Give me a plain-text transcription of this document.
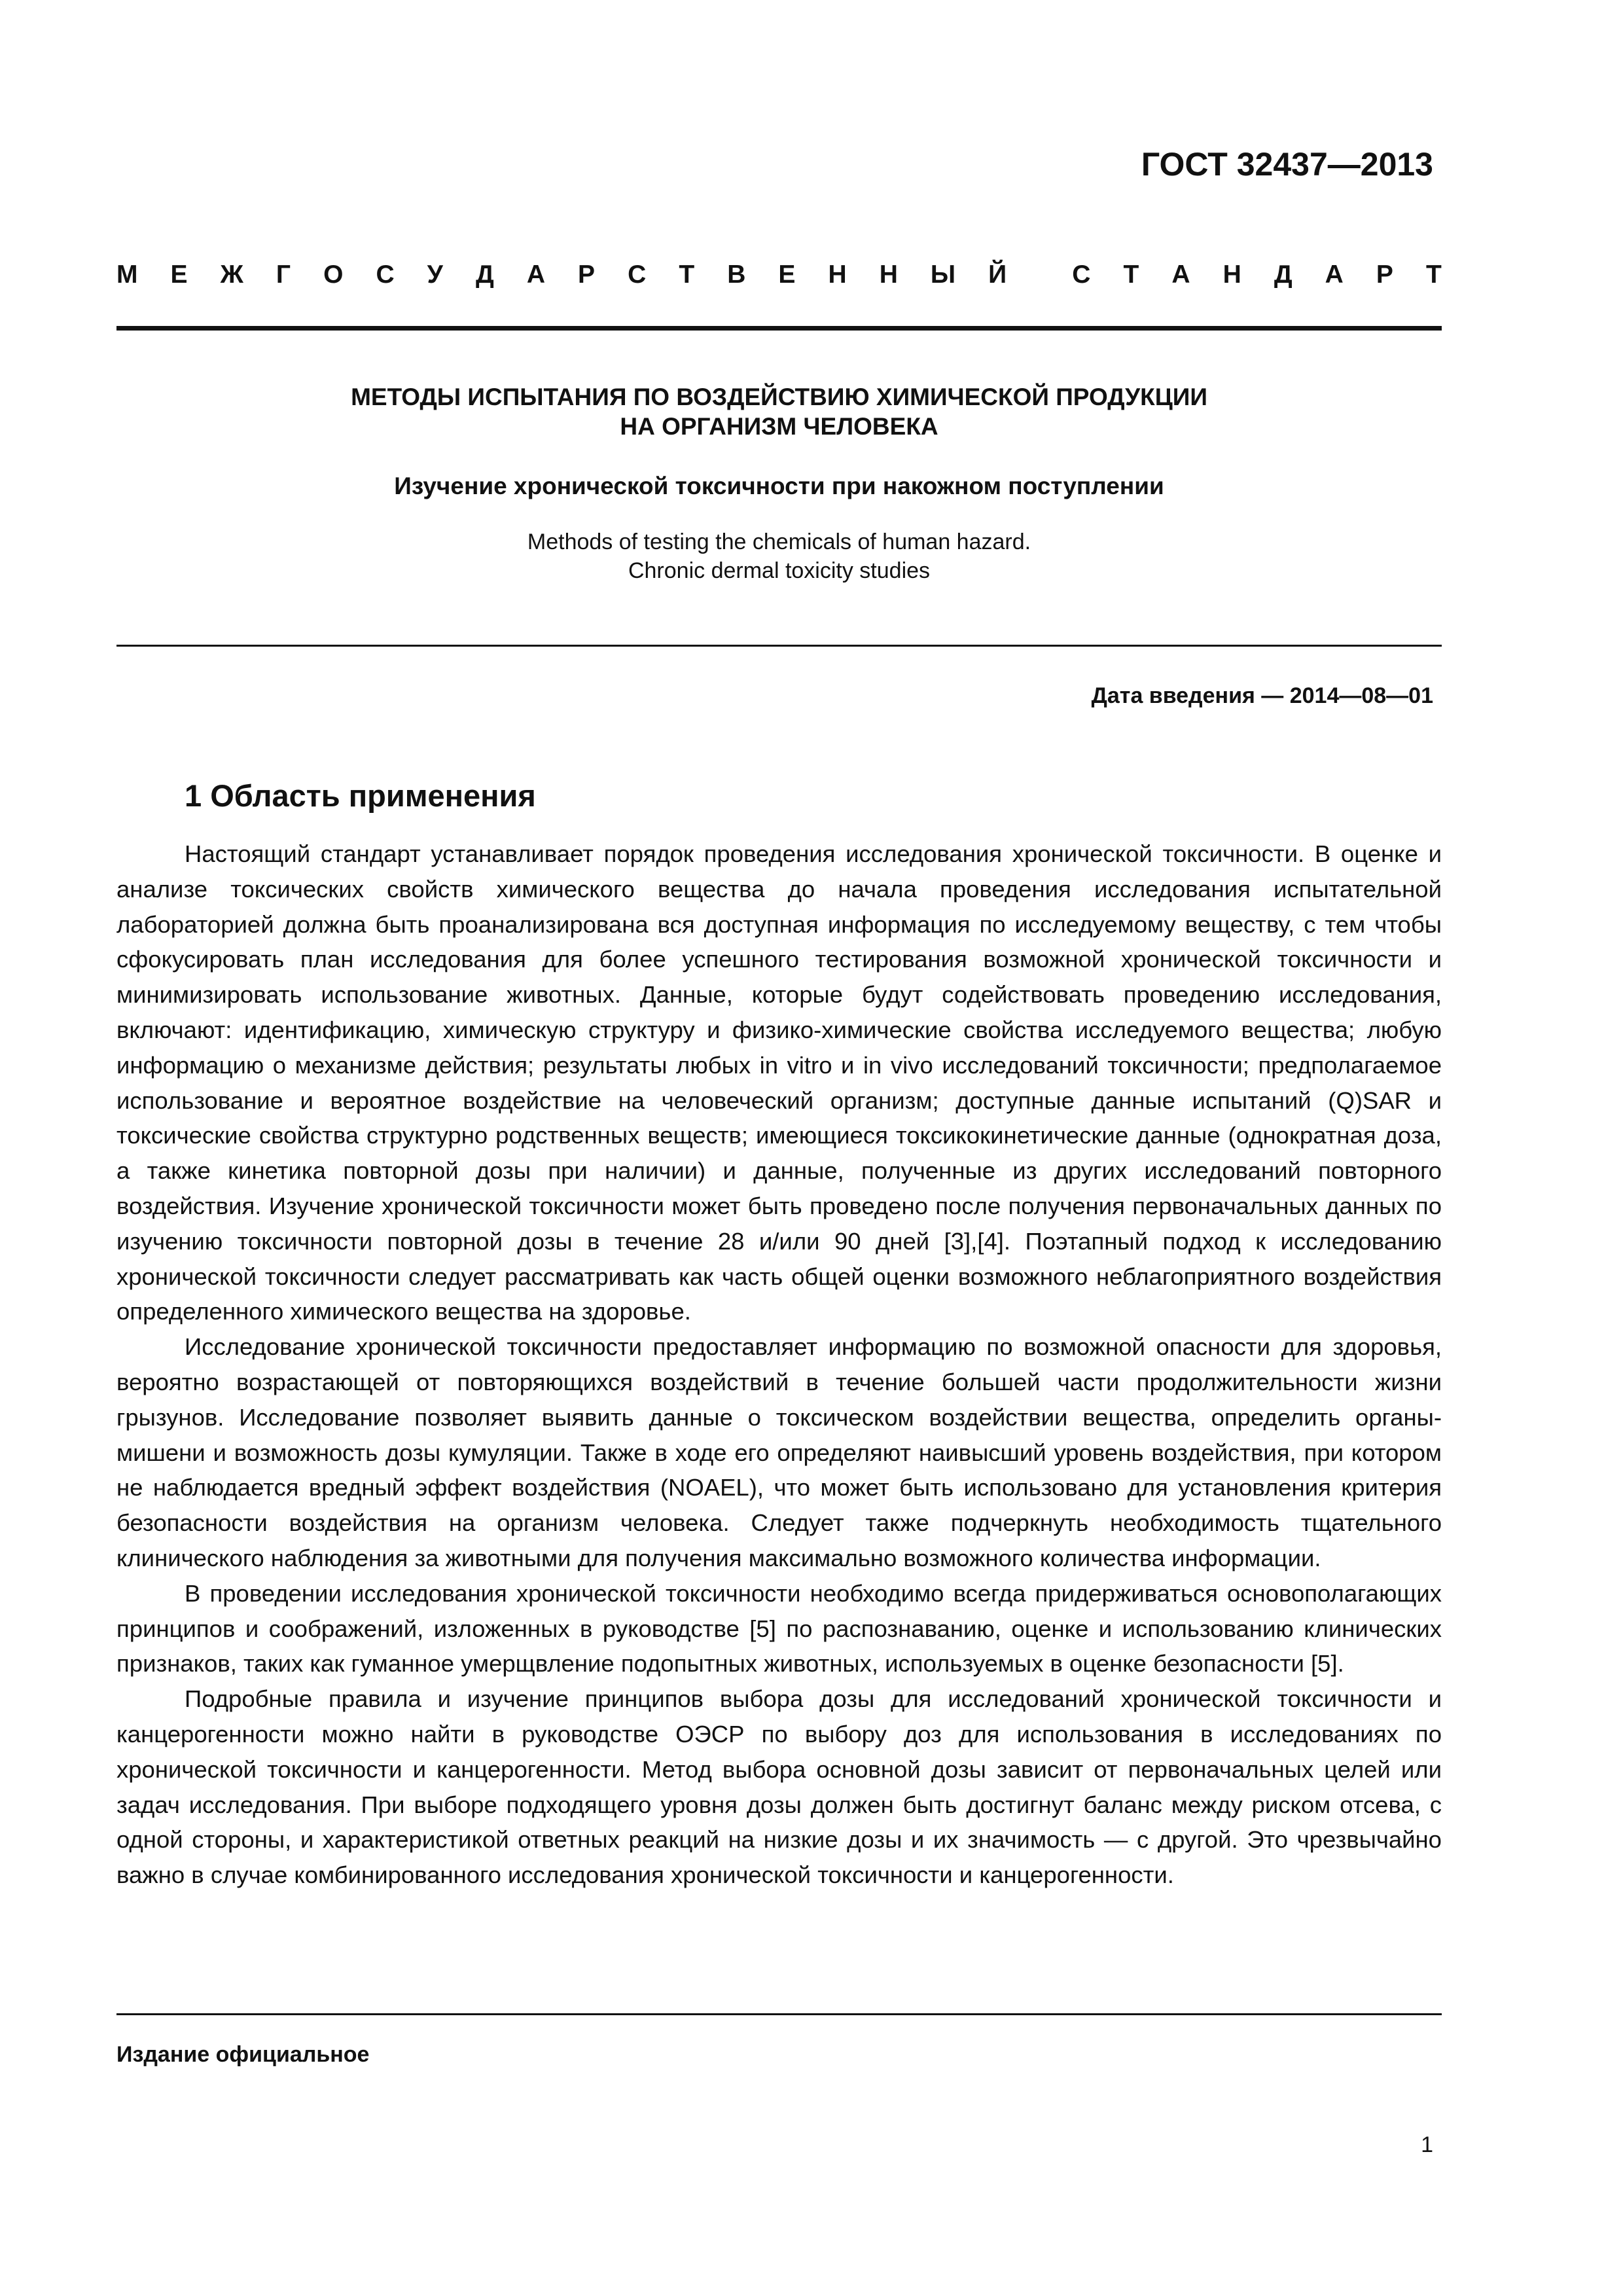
ГОСТ 32437—2013

М Е Ж Г О С У Д А Р С Т В Е Н Н Ы Й	С Т А Н Д А Р Т
МЕТОДЫ ИСПЫТАНИЯ ПО ВОЗДЕЙСТВИЮ ХИМИЧЕСКОЙ ПРОДУКЦИИ
НА ОРГАНИЗМ ЧЕЛОВЕКА
Изучение хронической токсичности при накожном поступлении

Methods of testing the chemicals of human hazard.
Chronic dermal toxicity studies

Дата введения — 2014—08—01

1 Область применения

Настоящий стандарт устанавливает порядок проведения исследования хронической токсичности. В оценке и анализе токсических свойств химического вещества до начала проведения исследования испытательной лабораторией должна быть проанализирована вся доступная информация по исследуемому веществу, с тем чтобы сфокусировать план исследования для более успешного тестирования возможной хронической токсичности и минимизировать использование животных. Данные, которые будут содействовать проведению исследования, включают: идентификацию, химическую структуру и физико-химические свойства исследуемого вещества; любую информацию о механизме действия; результаты любых in vitro и in vivo исследований токсичности; предполагаемое использование и вероятное воздействие на человеческий организм; доступные данные испытаний (Q)SAR и токсические свойства структурно родственных веществ; имеющиеся токсикокинетические данные (однократная доза, а также кинетика повторной дозы при наличии) и данные, полученные из других исследований повторного воздействия. Изучение хронической токсичности может быть проведено после получения первоначальных данных по изучению токсичности повторной дозы в течение 28 и/или 90 дней [3],[4]. Поэтапный подход к исследованию хронической токсичности следует рассматривать как часть общей оценки возможного неблагоприятного воздействия определенного химического вещества на здоровье.

Исследование хронической токсичности предоставляет информацию по возможной опасности для здоровья, вероятно возрастающей от повторяющихся воздействий в течение большей части продолжительности жизни грызунов. Исследование позволяет выявить данные о токсическом воздействии вещества, определить органы-мишени и возможность дозы кумуляции. Также в ходе его определяют наивысший уровень воздействия, при котором не наблюдается вредный эффект воздействия (NOAEL), что может быть использовано для установления критерия безопасности воздействия на организм человека. Следует также подчеркнуть необходимость тщательного клинического наблюдения за животными для получения максимально возможного количества информации.

В проведении исследования хронической токсичности необходимо всегда придерживаться основополагающих принципов и соображений, изложенных в руководстве [5] по распознаванию, оценке и использованию клинических признаков, таких как гуманное умерщвление подопытных животных, используемых в оценке безопасности [5].

Подробные правила и изучение принципов выбора дозы для исследований хронической токсичности и канцерогенности можно найти в руководстве ОЭСР по выбору доз для использования в исследованиях по хронической токсичности и канцерогенности. Метод выбора основной дозы зависит от первоначальных целей или задач исследования. При выборе подходящего уровня дозы должен быть достигнут баланс между риском отсева, с одной стороны, и характеристикой ответных реакций на низкие дозы и их значимость — с другой. Это чрезвычайно важно в случае комбинированного исследования хронической токсичности и канцерогенности.

Издание официальное

1
